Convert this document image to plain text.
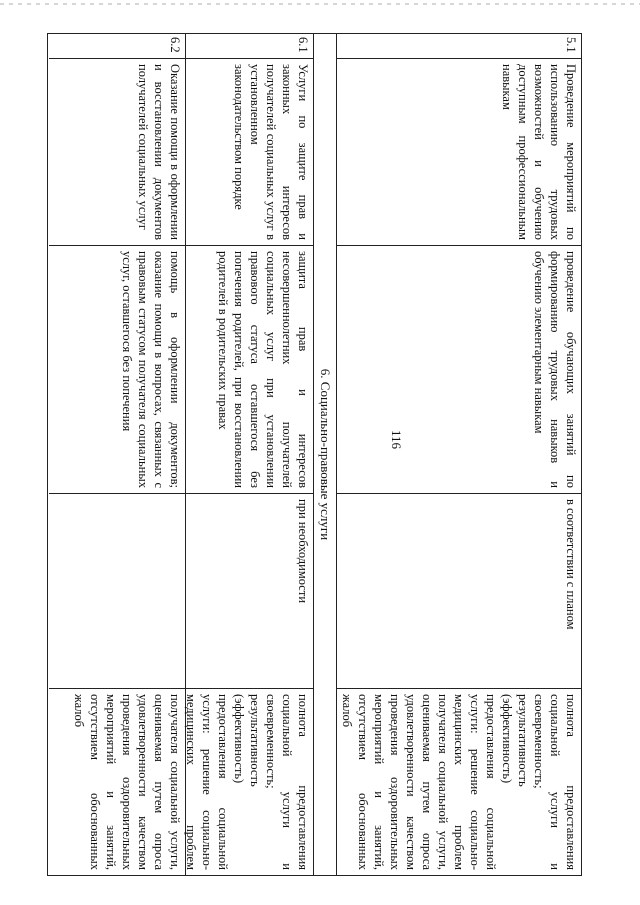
116
5.1
Проведение мероприятий по использованию трудовых возможностей и обучению доступным профессиональным навыкам
проведение обучающих занятий по формированию трудовых навыков и обучению элементарным навыкам
в соответствии с планом
полнота предоставления социальной услуги и своевременность; результативность (эффективность) предоставления социальной услуги: решение социально-медицинских проблем получателя социальной услуги, оцениваемая путем опроса удовлетворенности качеством проведения оздоровительных мероприятий и занятий, отсутствием обоснованных жалоб
6. Социально-правовые услуги
6.1
Услуги по защите прав и законных интересов получателей социальных услуг в установленном законодательством порядке
защита прав и интересов несовершеннолетних получателей социальных услуг при установлении правового статуса оставшегося без попечения родителей, при восстановлении родителей в родительских правах
при необходимости
полнота предоставления социальной услуги и своевременность; результативность (эффективность) предоставления социальной услуги: решение социально-медицинских проблем получателя социальной услуги, оцениваемая путем опроса удовлетворенности качеством проведения оздоровительных мероприятий и занятий, отсутствием обоснованных жалоб
6.2
Оказание помощи в оформлении и восстановлении документов получателей социальных услуг
помощь в оформлении документов; оказание помощи в вопросах, связанных с правовым статусом получателя социальных услуг, оставшегося без попечения
